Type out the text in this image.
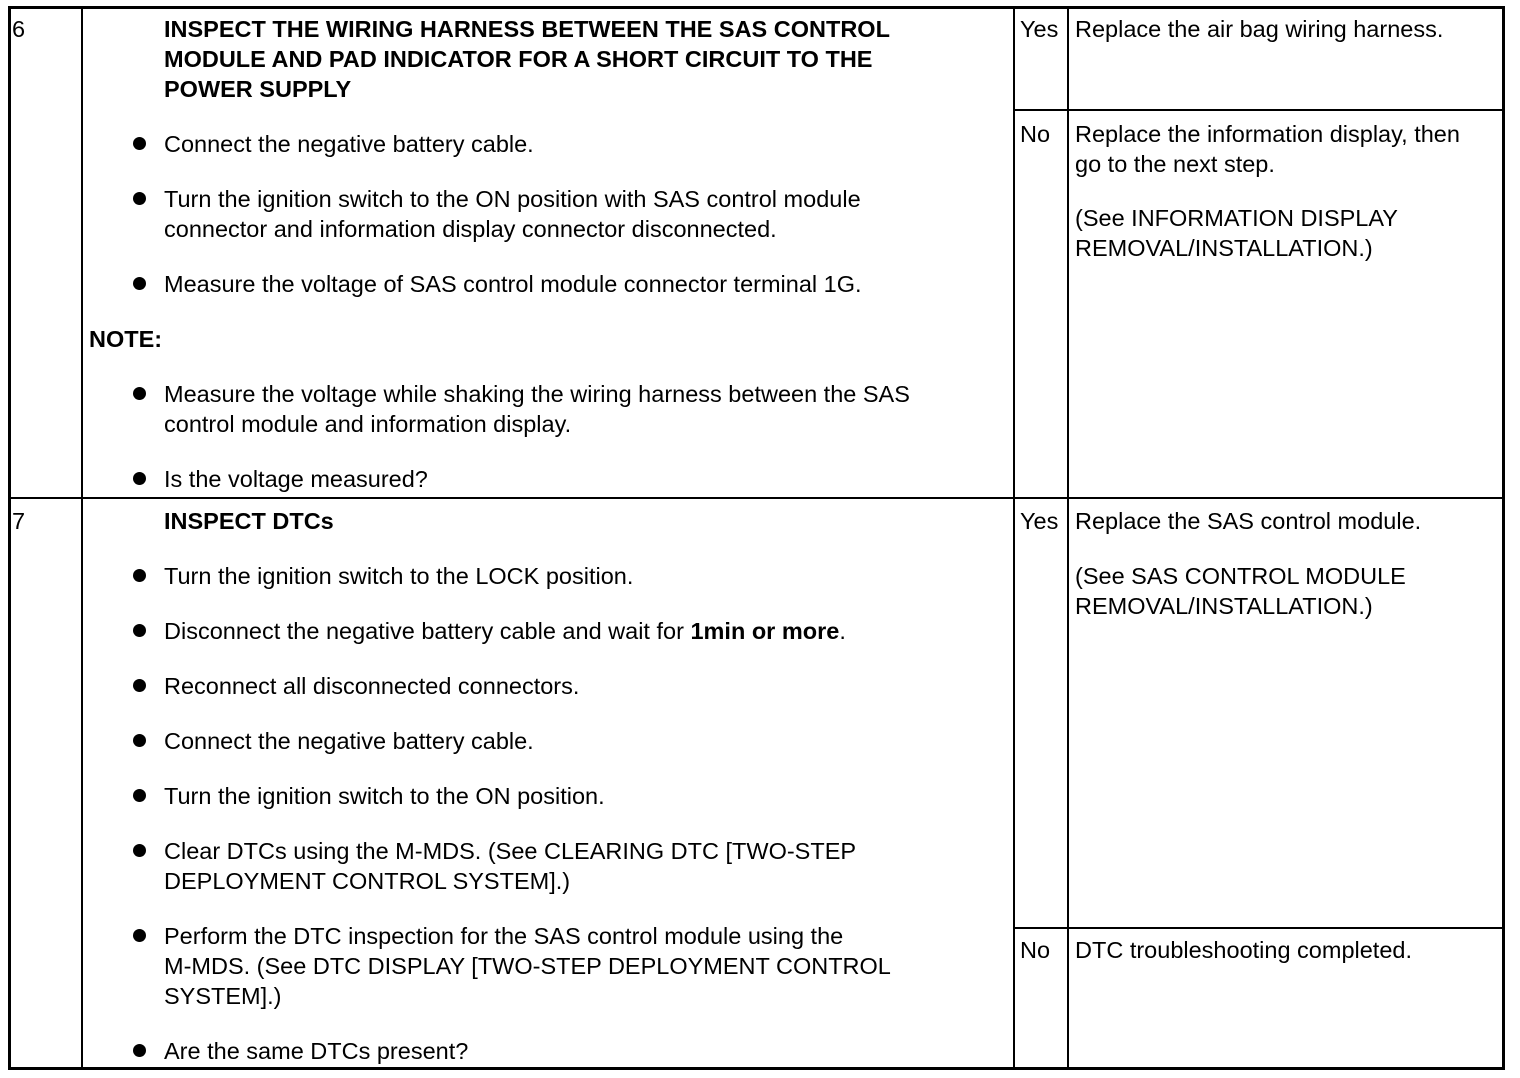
6	INSPECT THE WIRING HARNESS BETWEEN THE SAS CONTROL
MODULE AND PAD INDICATOR FOR A SHORT CIRCUIT TO THE
POWER SUPPLY
Connect the negative battery cable.
Turn the ignition switch to the ON position with SAS control module
connector and information display connector disconnected.
Measure the voltage of SAS control module connector terminal 1G.
NOTE:
Measure the voltage while shaking the wiring harness between the SAS
control module and information display.
Is the voltage measured?
Yes Replace the air bag wiring harness.
No Replace the information display, then
go to the next step.
(See INFORMATION DISPLAY
REMOVAL/INSTALLATION.)
7	INSPECT DTCs
Turn the ignition switch to the LOCK position.
Disconnect the negative battery cable and wait for 1min or more.
Reconnect all disconnected connectors.
Connect the negative battery cable.
Turn the ignition switch to the ON position.
Clear DTCs using the M-MDS. (See CLEARING DTC [TWO-STEP
DEPLOYMENT CONTROL SYSTEM].)
Perform the DTC inspection for the SAS control module using the
M-MDS. (See DTC DISPLAY [TWO-STEP DEPLOYMENT CONTROL
SYSTEM].)
Are the same DTCs present?
Yes Replace the SAS control module.
(See SAS CONTROL MODULE
REMOVAL/INSTALLATION.)
No DTC troubleshooting completed.
